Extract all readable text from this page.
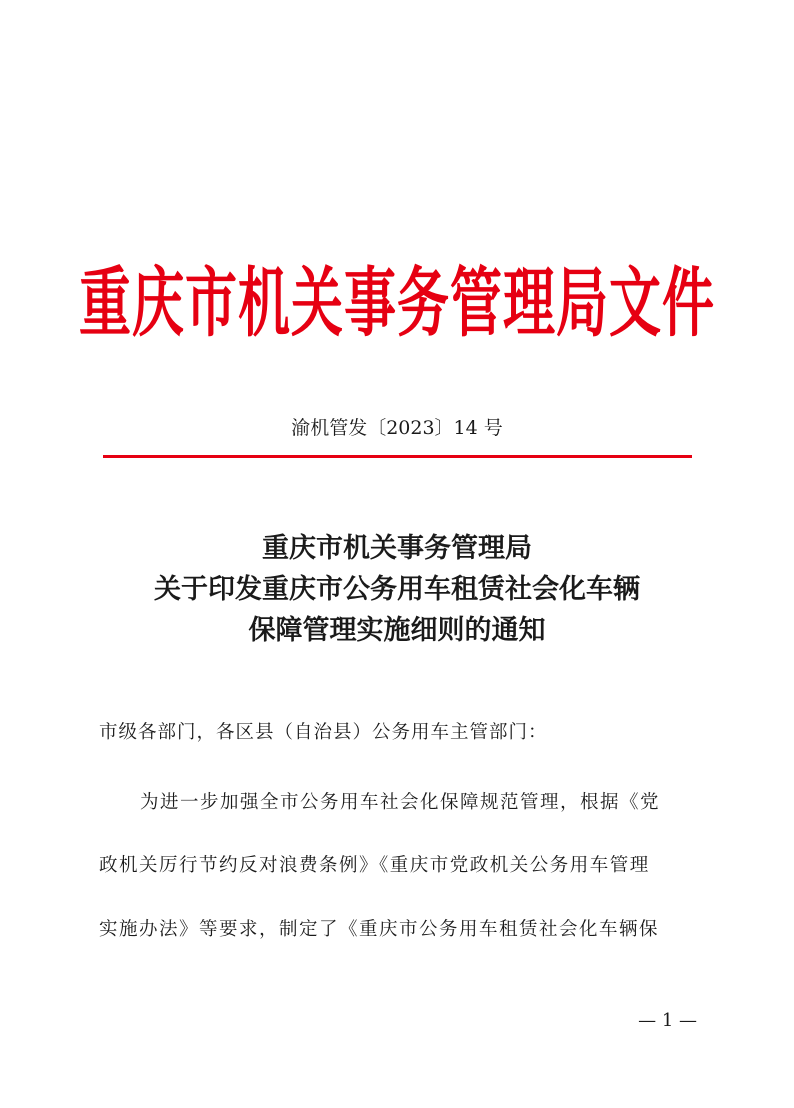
重庆市机关事务管理局文件
渝机管发〔2023〕14 号
重庆市机关事务管理局
关于印发重庆市公务用车租赁社会化车辆
保障管理实施细则的通知
市级各部门，各区县（自治县）公务用车主管部门：
为进一步加强全市公务用车社会化保障规范管理，根据《党
政机关厉行节约反对浪费条例》《重庆市党政机关公务用车管理
实施办法》等要求，制定了《重庆市公务用车租赁社会化车辆保
— 1 —
